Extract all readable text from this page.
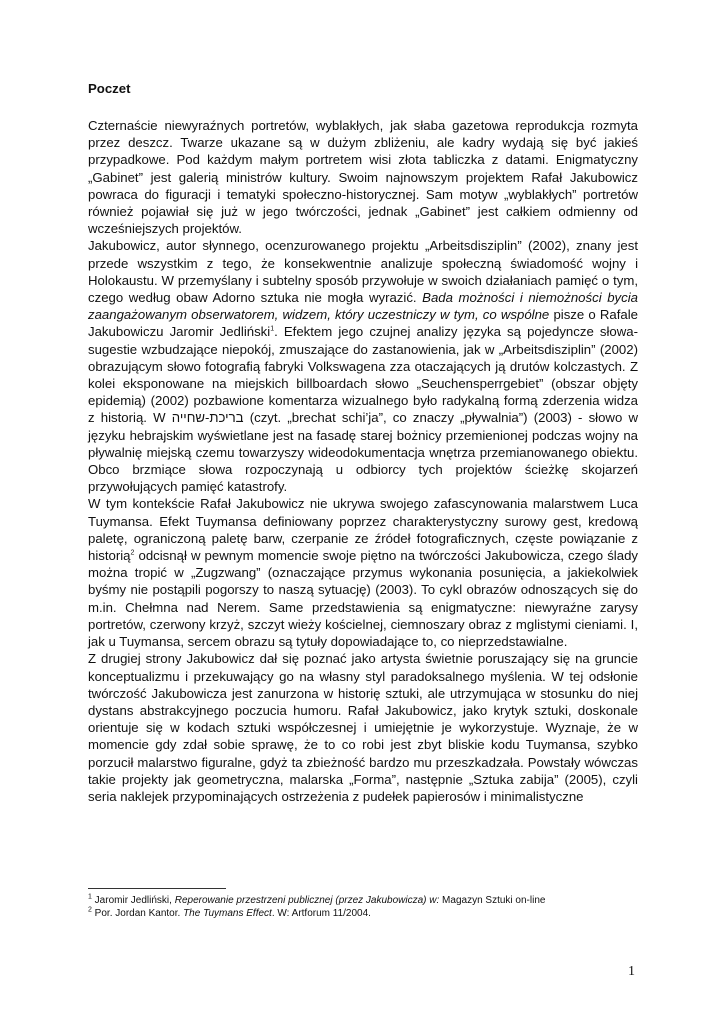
Poczet

Czternaście niewyraźnych portretów, wyblakłych, jak słaba gazetowa reprodukcja rozmyta przez deszcz. Twarze ukazane są w dużym zbliżeniu, ale kadry wydają się być jakieś przypadkowe. Pod każdym małym portretem wisi złota tabliczka z datami. Enigmatyczny „Gabinet” jest galerią ministrów kultury. Swoim najnowszym projektem Rafał Jakubowicz powraca do figuracji i tematyki społeczno-historycznej. Sam motyw „wyblakłych” portretów również pojawiał się już w jego twórczości, jednak „Gabinet” jest całkiem odmienny od wcześniejszych projektów.

Jakubowicz, autor słynnego, ocenzurowanego projektu „Arbeitsdisziplin” (2002), znany jest przede wszystkim z tego, że konsekwentnie analizuje społeczną świadomość wojny i Holokaustu. W przemyślany i subtelny sposób przywołuje w swoich działaniach pamięć o tym, czego według obaw Adorno sztuka nie mogła wyrazić. Bada możności i niemożności bycia zaangażowanym obserwatorem, widzem, który uczestniczy w tym, co wspólne pisze o Rafale Jakubowiczu Jaromir Jedliński$^1$. Efektem jego czujnej analizy języka są pojedyncze słowa-sugestie wzbudzające niepokój, zmuszające do zastanowienia, jak w „Arbeitsdisziplin” (2002) obrazującym słowo fotografią fabryki Volkswagena zza otaczających ją drutów kolczastych. Z kolei eksponowane na miejskich billboardach słowo „Seuchensperrgebiet” (obszar objęty epidemią) (2002) pozbawione komentarza wizualnego było radykalną formą zderzenia widza z historią. W בריכת-שחייה (czyt. „brechat schi’ja”, co znaczy „pływalnia”) (2003) - słowo w języku hebrajskim wyświetlane jest na fasadę starej bożnicy przemienionej podczas wojny na pływalnię miejską czemu towarzyszy wideodokumentacja wnętrza przemianowanego obiektu. Obco brzmiące słowa rozpoczynają u odbiorcy tych projektów ścieżkę skojarzeń przywołujących pamięć katastrofy.

W tym kontekście Rafał Jakubowicz nie ukrywa swojego zafascynowania malarstwem Luca Tuymansa. Efekt Tuymansa definiowany poprzez charakterystyczny surowy gest, kredową paletę, ograniczoną paletę barw, czerpanie ze źródeł fotograficznych, częste powiązanie z historią$^2$ odcisnął w pewnym momencie swoje piętno na twórczości Jakubowicza, czego ślady można tropić w „Zugzwang” (oznaczające przymus wykonania posunięcia, a jakiekolwiek byśmy nie postąpili pogorszy to naszą sytuację) (2003). To cykl obrazów odnoszących się do m.in. Chełmna nad Nerem. Same przedstawienia są enigmatyczne: niewyraźne zarysy portretów, czerwony krzyż, szczyt wieży kościelnej, ciemnoszary obraz z mglistymi cieniami. I, jak u Tuymansa, sercem obrazu są tytuły dopowiadające to, co nieprzedstawialne.

Z drugiej strony Jakubowicz dał się poznać jako artysta świetnie poruszający się na gruncie konceptualizmu i przekuwający go na własny styl paradoksalnego myślenia. W tej odsłonie twórczość Jakubowicza jest zanurzona w historię sztuki, ale utrzymująca w stosunku do niej dystans abstrakcyjnego poczucia humoru. Rafał Jakubowicz, jako krytyk sztuki, doskonale orientuje się w kodach sztuki współczesnej i umiejętnie je wykorzystuje. Wyznaje, że w momencie gdy zdał sobie sprawę, że to co robi jest zbyt bliskie kodu Tuymansa, szybko porzucił malarstwo figuralne, gdyż ta zbieżność bardzo mu przeszkadzała. Powstały wówczas takie projekty jak geometryczna, malarska „Forma”, następnie „Sztuka zabija” (2005), czyli seria naklejek przypominających ostrzeżenia z pudełek papierosów i minimalistyczne

$^1$ Jaromir Jedliński, Reperowanie przestrzeni publicznej (przez Jakubowicza) w: Magazyn Sztuki on-line

$^2$ Por. Jordan Kantor. The Tuymans Effect. W: Artforum 11/2004.

1
